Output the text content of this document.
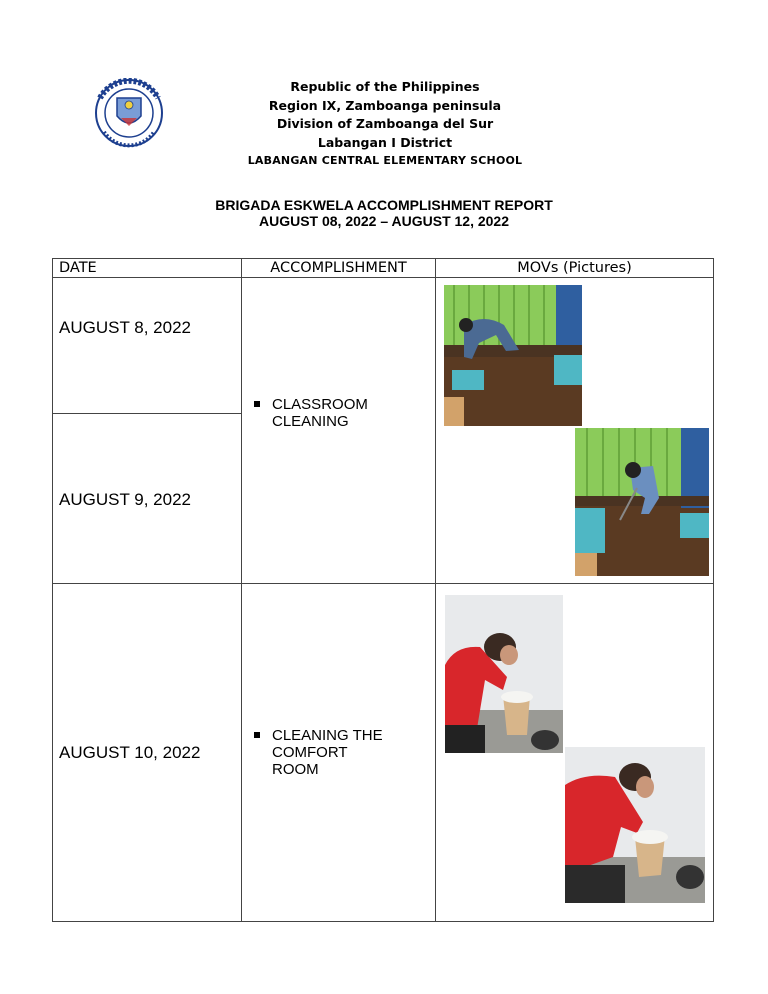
Republic of the Philippines
Region IX, Zamboanga peninsula
Division of Zamboanga del Sur
Labangan I District
LABANGAN CENTRAL ELEMENTARY SCHOOL
BRIGADA ESKWELA ACCOMPLISHMENT REPORT
AUGUST 08, 2022 – AUGUST 12, 2022
DATE	ACCOMPLISHMENT	MOVs (Pictures)

AUGUST 8, 2022	CLASSROOM
CLEANING

AUGUST 9, 2022		

AUGUST 10, 2022	CLEANING THE
COMFORT
ROOM
